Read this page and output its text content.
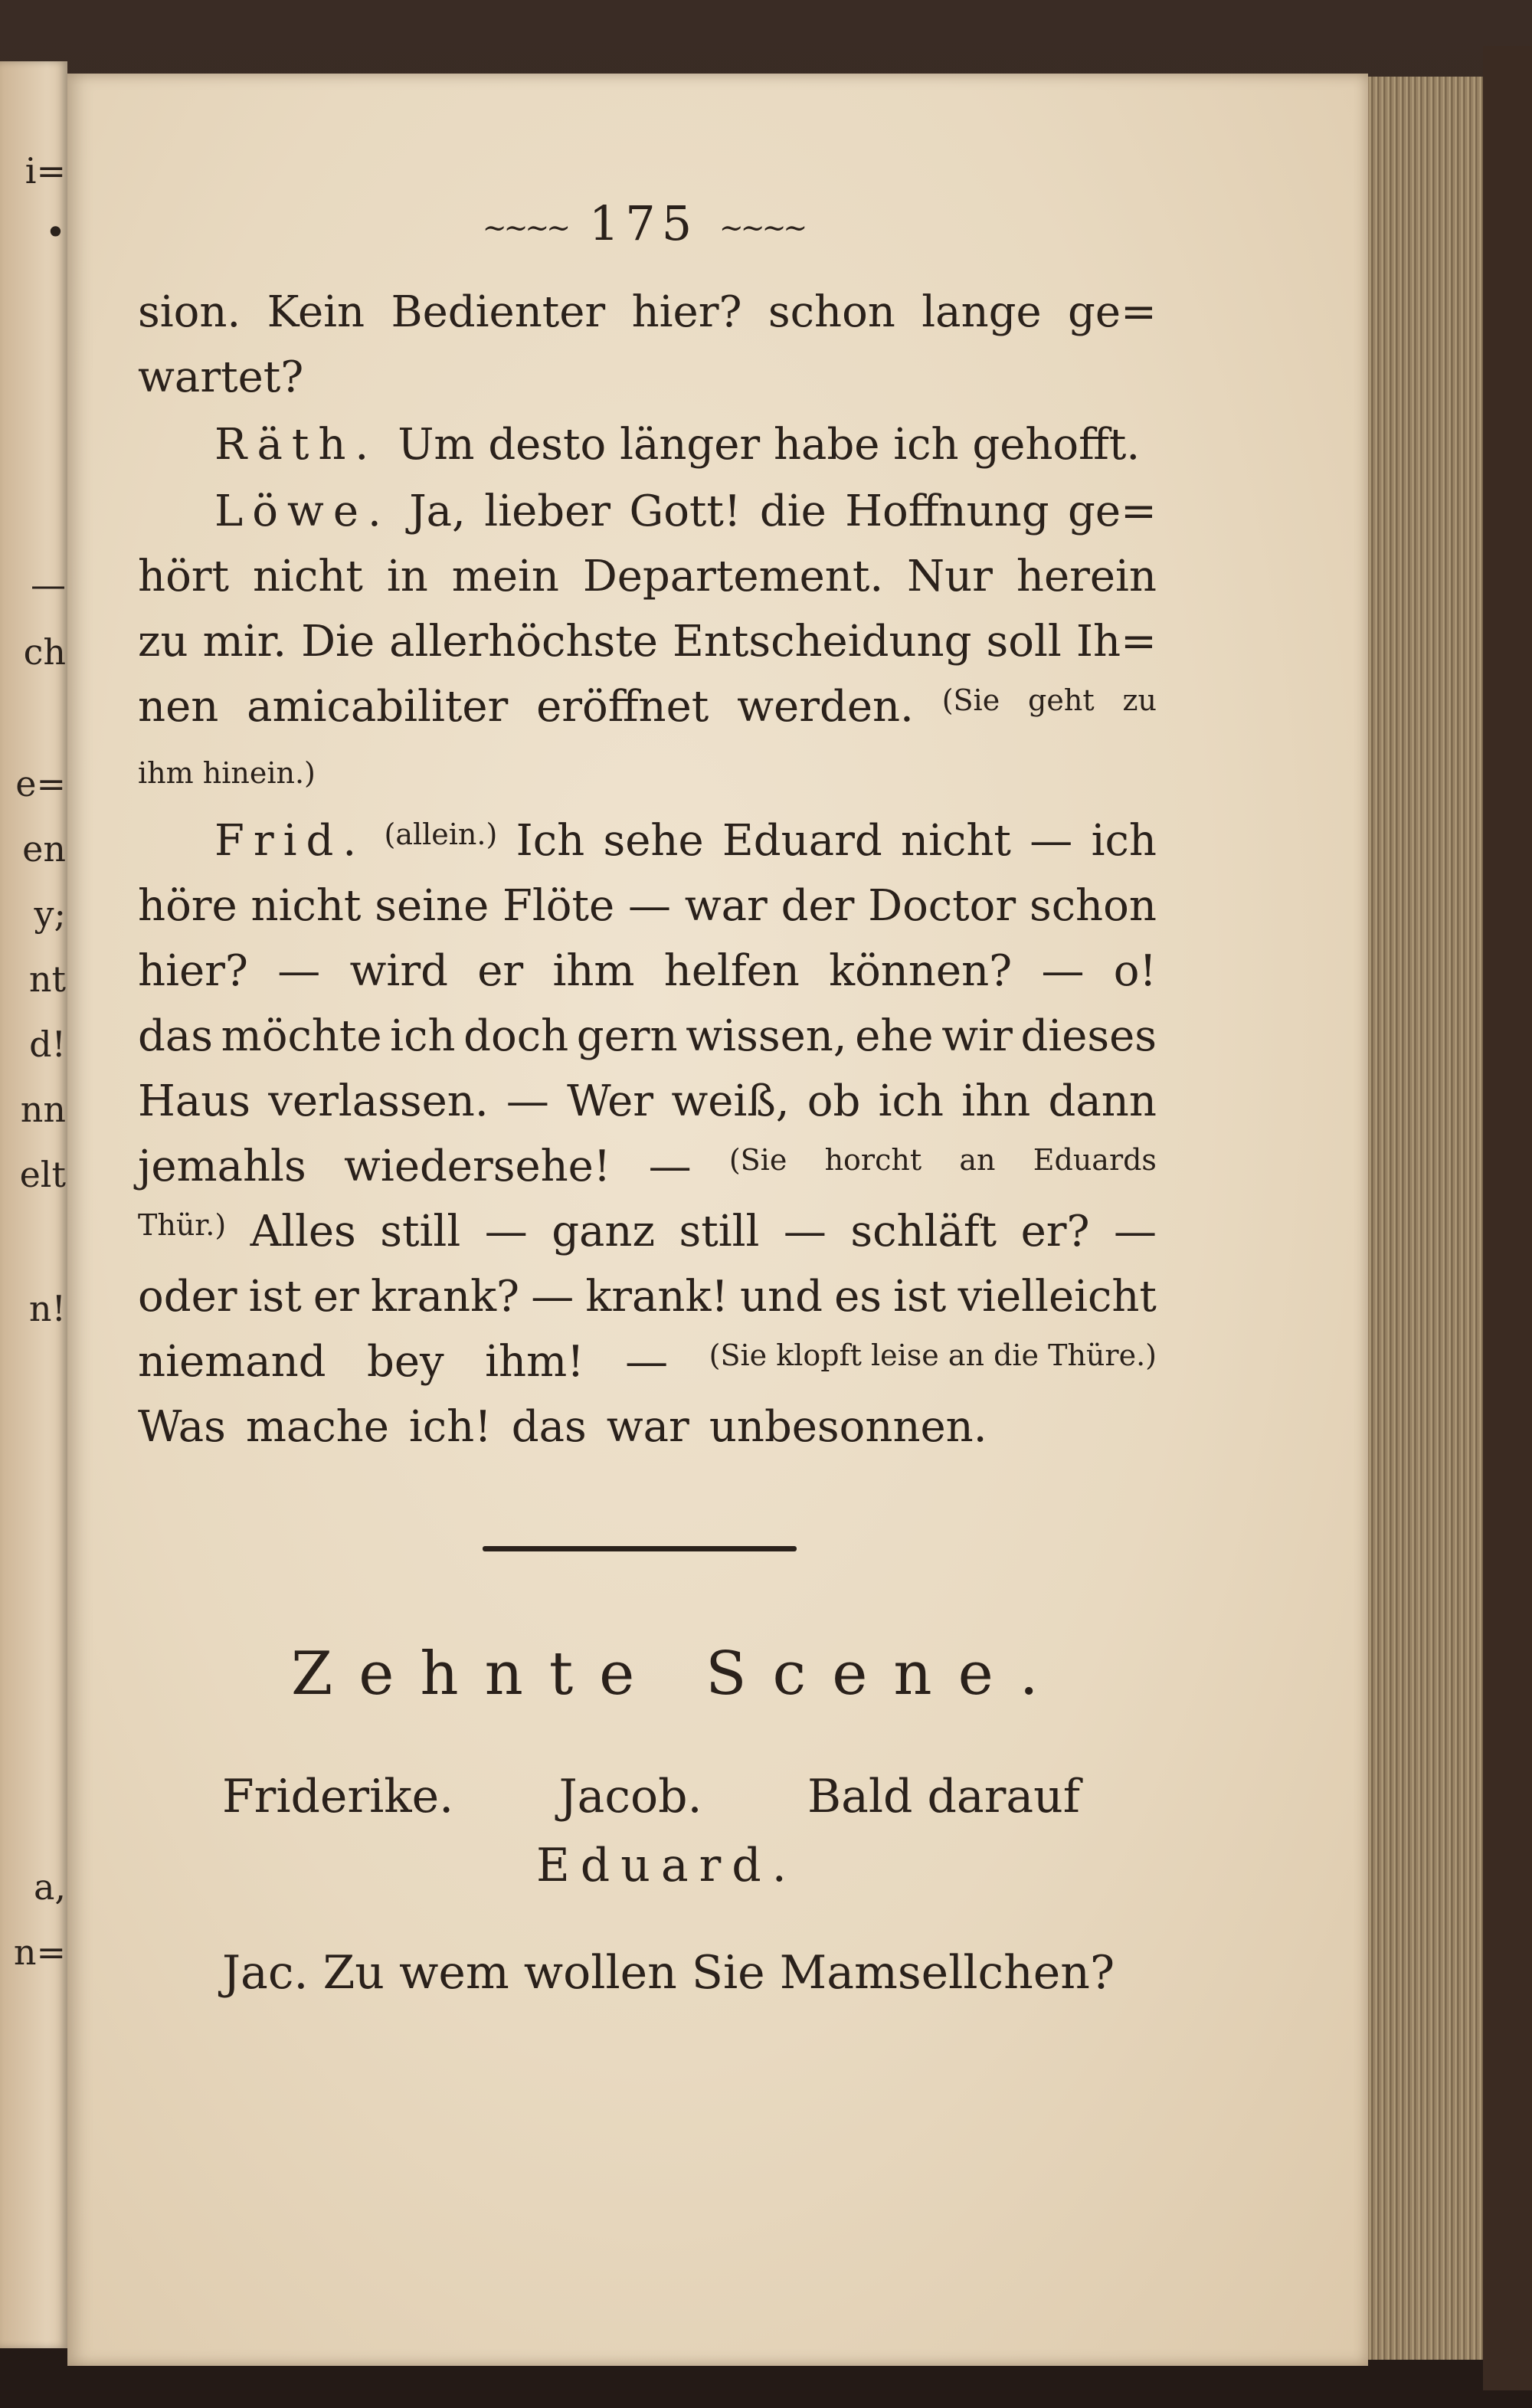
i=
•
—
ch
e=
en
y;
nt
d!
nn
elt
n!
a,
n=
~~~~ 175 ~~~~
sion. Kein Bedienter hier? schon lange ge=
wartet?
Räth. Um desto länger habe ich gehofft.
Löwe. Ja, lieber Gott! die Hoffnung ge=
hört nicht in mein Departement. Nur herein
zu mir. Die allerhöchste Entscheidung soll Ih=
nen amicabiliter eröffnet werden. (Sie geht zu
ihm hinein.)
Frid. (allein.) Ich sehe Eduard nicht — ich
höre nicht seine Flöte — war der Doctor schon
hier? — wird er ihm helfen können? — o!
das möchte ich doch gern wissen, ehe wir dieses
Haus verlassen. — Wer weiß, ob ich ihn dann
jemahls wiedersehe! — (Sie horcht an Eduards
Thür.) Alles still — ganz still — schläft er? —
oder ist er krank? — krank! und es ist vielleicht
niemand bey ihm! — (Sie klopft leise an die Thüre.)
Was mache ich! das war unbesonnen.
Zehnte Scene.
Friderike. Jacob. Bald darauf
Eduard.
Jac. Zu wem wollen Sie Mamsellchen?
